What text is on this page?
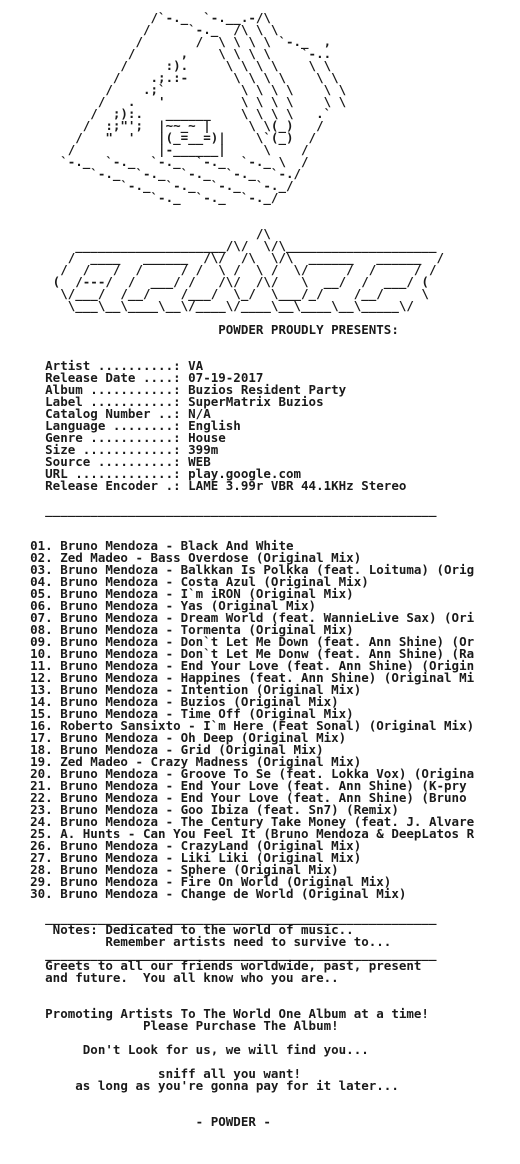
/`-._  `-.__.-/\
/     `-._  /\ \ \
/       /  \ \ \ \ `-._  ,
/      ,    \ \ \ \    `-..
/     :).     \ \ \ \    \ \
/    .;.:-      \ \ \ \    \ \
/    .;`          \ \ \ \    \ \
/   .   '          \ \ \ \    \ \
/  ;):.   ______    \ \ \ \   .`
/  :;"';  |~~_~ |     \ \(_)   /
/   "  '   |(_=__=)|    \`(_)  /
/           |-______|     \    /
`-._  `-._  `-._  `-._  `-._ \  /
`-._  `-._  `-._  `-._  `-./
`-._  `-._  `-._  `-._/
`-._  `-._  `-._/
/\
____________________/\/  \/\____________________
/  ____   ______  /\/  /\  \/\  ______   ______  /
/  /   /  /     / /  \ /  \ /  \/     /  /     / /
(  /---/  /  ___/ /   /\/  /\/   \  __/  /  ___/ (
\/___/  /__/    /___/  \_/  \___/_/    /__/     \
\___\__\____\__\/____\/____\__\____\__\_____\/
POWDER PROUDLY PRESENTS:
Artist ..........: VA
Release Date ....: 07-19-2017
Album ...........: Buzios Resident Party
Label ...........: SuperMatrix Buzios
Catalog Number ..: N/A
Language ........: English
Genre ...........: House
Size ............: 399m
Source ..........: WEB
URL .............: play.google.com
Release Encoder .: LAME 3.99r VBR 44.1KHz Stereo
____________________________________________________
01. Bruno Mendoza - Black And White
02. Zed Madeo - Bass Overdose (Original Mix)
03. Bruno Mendoza - Balkkan Is Polkka (feat. Loituma) (Orig
04. Bruno Mendoza - Costa Azul (Original Mix)
05. Bruno Mendoza - I`m iRON (Original Mix)
06. Bruno Mendoza - Yas (Original Mix)
07. Bruno Mendoza - Dream World (feat. WannieLive Sax) (Ori
08. Bruno Mendoza - Tormenta (Original Mix)
09. Bruno Mendoza - Don`t Let Me Down (feat. Ann Shine) (Or
10. Bruno Mendoza - Don`t Let Me Donw (feat. Ann Shine) (Ra
11. Bruno Mendoza - End Your Love (feat. Ann Shine) (Origin
12. Bruno Mendoza - Happines (feat. Ann Shine) (Original Mi
13. Bruno Mendoza - Intention (Original Mix)
14. Bruno Mendoza - Buzios (Original Mix)
15. Bruno Mendoza - Time Off (Original Mix)
16. Roberto Sansixto - I`m Here (Feat Sonal) (Original Mix)
17. Bruno Mendoza - Oh Deep (Original Mix)
18. Bruno Mendoza - Grid (Original Mix)
19. Zed Madeo - Crazy Madness (Original Mix)
20. Bruno Mendoza - Groove To Se (feat. Lokka Vox) (Origina
21. Bruno Mendoza - End Your Love (feat. Ann Shine) (K-pry
22. Bruno Mendoza - End Your Love (feat. Ann Shine) (Bruno
23. Bruno Mendoza - Goo Ibiza (feat. Sn7) (Remix)
24. Bruno Mendoza - The Century Take Money (feat. J. Alvare
25. A. Hunts - Can You Feel It (Bruno Mendoza & DeepLatos R
26. Bruno Mendoza - CrazyLand (Original Mix)
27. Bruno Mendoza - Liki Liki (Original Mix)
28. Bruno Mendoza - Sphere (Original Mix)
29. Bruno Mendoza - Fire On World (Original Mix)
30. Bruno Mendoza - Change de World (Original Mix)
____________________________________________________
Notes: Dedicated to the world of music..
Remember artists need to survive to...
____________________________________________________
Greets to all our friends worldwide, past, present
and future.  You all know who you are..
Promoting Artists To The World One Album at a time!
Please Purchase The Album!
Don't Look for us, we will find you...
sniff all you want!
as long as you're gonna pay for it later...
- POWDER -
